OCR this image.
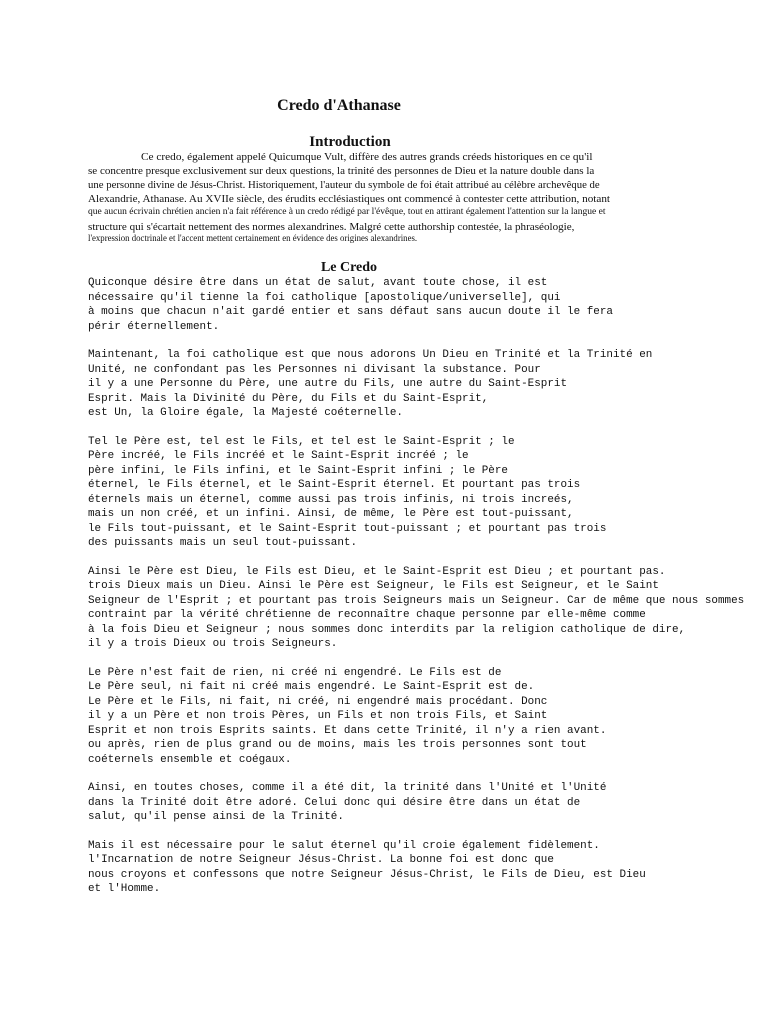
Credo d'Athanase
Introduction
Ce credo, également appelé Quicumque Vult, diffère des autres grands créeds historiques en ce qu'il
se concentre presque exclusivement sur deux questions, la trinité des personnes de Dieu et la nature double dans la
une personne divine de Jésus-Christ. Historiquement, l'auteur du symbole de foi était attribué au célèbre archevêque de
Alexandrie, Athanase. Au XVIIe siècle, des érudits ecclésiastiques ont commencé à contester cette attribution, notant
que aucun écrivain chrétien ancien n'a fait référence à un credo rédigé par l'évêque, tout en attirant également l'attention sur la langue et
structure qui s'écartait nettement des normes alexandrines. Malgré cette authorship contestée, la phraséologie,
l'expression doctrinale et l'accent mettent certainement en évidence des origines alexandrines.
Le Credo
Quiconque désire être dans un état de salut, avant toute chose, il est
nécessaire qu'il tienne la foi catholique [apostolique/universelle], qui
à moins que chacun n'ait gardé entier et sans défaut sans aucun doute il le fera
périr éternellement.

Maintenant, la foi catholique est que nous adorons Un Dieu en Trinité et la Trinité en
Unité, ne confondant pas les Personnes ni divisant la substance. Pour
il y a une Personne du Père, une autre du Fils, une autre du Saint-Esprit
Esprit. Mais la Divinité du Père, du Fils et du Saint-Esprit,
est Un, la Gloire égale, la Majesté coéternelle.

Tel le Père est, tel est le Fils, et tel est le Saint-Esprit ; le
Père incréé, le Fils incréé et le Saint-Esprit incréé ; le
père infini, le Fils infini, et le Saint-Esprit infini ; le Père
éternel, le Fils éternel, et le Saint-Esprit éternel. Et pourtant pas trois
éternels mais un éternel, comme aussi pas trois infinis, ni trois increés,
mais un non créé, et un infini. Ainsi, de même, le Père est tout-puissant,
le Fils tout-puissant, et le Saint-Esprit tout-puissant ; et pourtant pas trois
des puissants mais un seul tout-puissant.

Ainsi le Père est Dieu, le Fils est Dieu, et le Saint-Esprit est Dieu ; et pourtant pas.
trois Dieux mais un Dieu. Ainsi le Père est Seigneur, le Fils est Seigneur, et le Saint
Seigneur de l'Esprit ; et pourtant pas trois Seigneurs mais un Seigneur. Car de même que nous sommes
contraint par la vérité chrétienne de reconnaître chaque personne par elle-même comme
à la fois Dieu et Seigneur ; nous sommes donc interdits par la religion catholique de dire,
il y a trois Dieux ou trois Seigneurs.

Le Père n'est fait de rien, ni créé ni engendré. Le Fils est de
Le Père seul, ni fait ni créé mais engendré. Le Saint-Esprit est de.
Le Père et le Fils, ni fait, ni créé, ni engendré mais procédant. Donc
il y a un Père et non trois Pères, un Fils et non trois Fils, et Saint
Esprit et non trois Esprits saints. Et dans cette Trinité, il n'y a rien avant.
ou après, rien de plus grand ou de moins, mais les trois personnes sont tout
coéternels ensemble et coégaux.

Ainsi, en toutes choses, comme il a été dit, la trinité dans l'Unité et l'Unité
dans la Trinité doit être adoré. Celui donc qui désire être dans un état de
salut, qu'il pense ainsi de la Trinité.

Mais il est nécessaire pour le salut éternel qu'il croie également fidèlement.
l'Incarnation de notre Seigneur Jésus-Christ. La bonne foi est donc que
nous croyons et confessons que notre Seigneur Jésus-Christ, le Fils de Dieu, est Dieu
et l'Homme.
